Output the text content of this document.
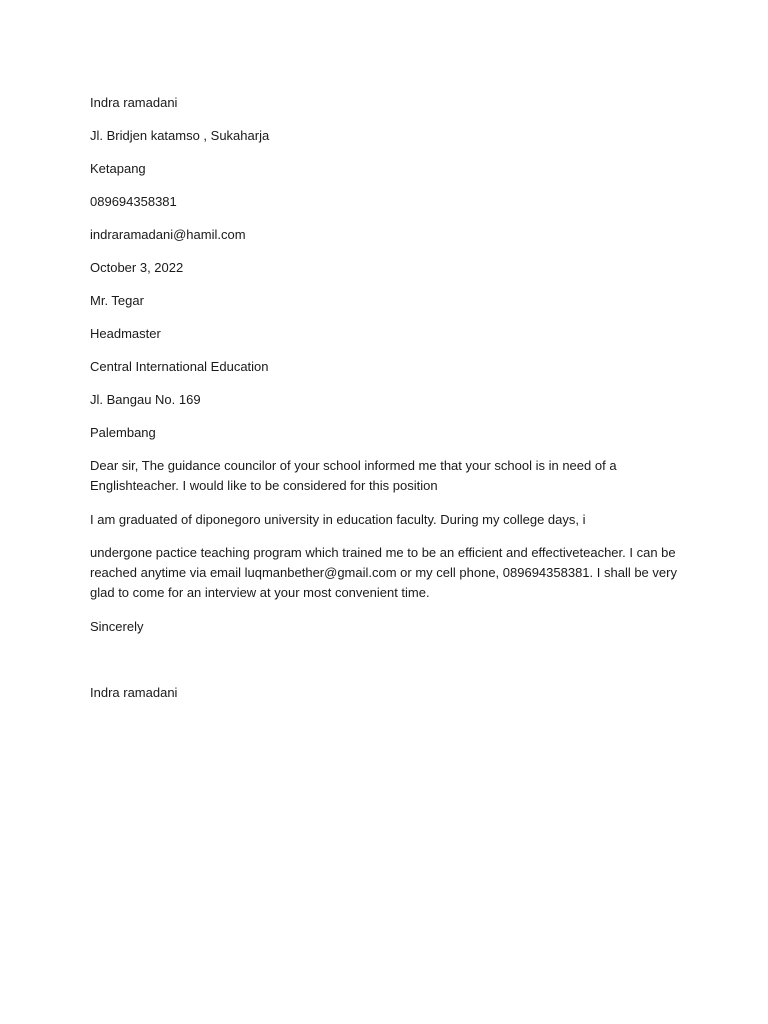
Indra ramadani
Jl. Bridjen katamso , Sukaharja
Ketapang
089694358381
indraramadani@hamil.com
October 3, 2022
Mr. Tegar
Headmaster
Central International Education
Jl. Bangau No. 169
Palembang
Dear sir, The guidance councilor of your school informed me that your school is in need of a Englishteacher. I would like to be considered for this position
I am graduated of diponegoro university in education faculty. During my college days, i
undergone pactice teaching program which trained me to be an efficient and effectiveteacher. I can be reached anytime via email luqmanbether@gmail.com or my cell phone, 089694358381. I shall be very glad to come for an interview at your most convenient time.
Sincerely
Indra ramadani
